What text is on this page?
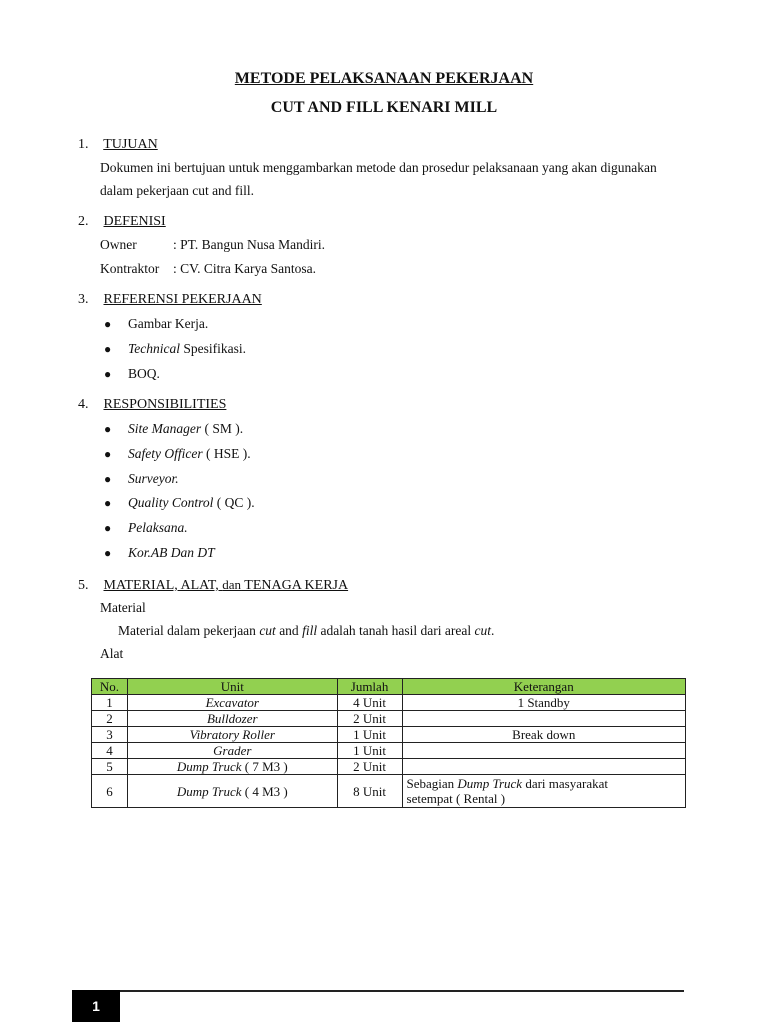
METODE PELAKSANAAN PEKERJAAN
CUT AND FILL KENARI MILL
1. TUJUAN
Dokumen ini bertujuan untuk menggambarkan metode dan prosedur pelaksanaan yang akan digunakan
dalam pekerjaan cut and fill.
2. DEFENISI
Owner	: PT. Bangun Nusa Mandiri.
Kontraktor : CV. Citra Karya Santosa.
3. REFERENSI PEKERJAAN
● Gambar Kerja.
● Technical Spesifikasi.
● BOQ.
4. RESPONSIBILITIES
● Site Manager ( SM ).
● Safety Officer ( HSE ).
● Surveyor.
● Quality Control ( QC ).
● Pelaksana.
● Kor.AB Dan DT
5. MATERIAL, ALAT, dan TENAGA KERJA
Material
Material dalam pekerjaan cut and fill adalah tanah hasil dari areal cut.
Alat
No.	Unit	Jumlah	Keterangan
1	Excavator	4 Unit	1 Standby
2	Bulldozer	2 Unit	
3	Vibratory Roller	1 Unit	Break down
4	Grader	1 Unit	
5	Dump Truck ( 7 M3 )	2 Unit	
6	Dump Truck ( 4 M3 )	8 Unit	Sebagian Dump Truck dari masyarakat
setempat ( Rental )
1
